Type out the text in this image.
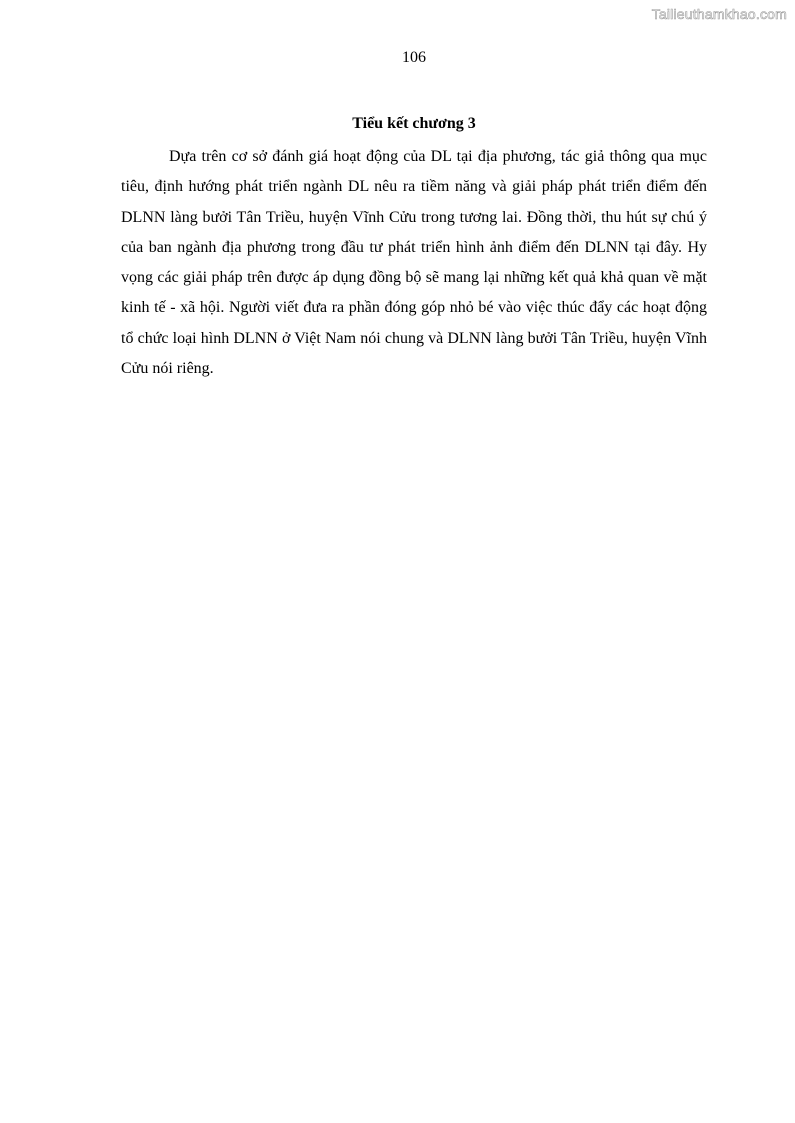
Tailieuthamkhao.com
106
Tiểu kết chương 3

Dựa trên cơ sở đánh giá hoạt động của DL tại địa phương, tác giả thông qua mục tiêu, định hướng phát triển ngành DL nêu ra tiềm năng và giải pháp phát triển điểm đến DLNN làng bưởi Tân Triều, huyện Vĩnh Cửu trong tương lai. Đồng thời, thu hút sự chú ý của ban ngành địa phương trong đầu tư phát triển hình ảnh điểm đến DLNN tại đây. Hy vọng các giải pháp trên được áp dụng đồng bộ sẽ mang lại những kết quả khả quan về mặt kinh tế - xã hội. Người viết đưa ra phần đóng góp nhỏ bé vào việc thúc đẩy các hoạt động tổ chức loại hình DLNN ở Việt Nam nói chung và DLNN làng bưởi Tân Triều, huyện Vĩnh Cửu nói riêng.
